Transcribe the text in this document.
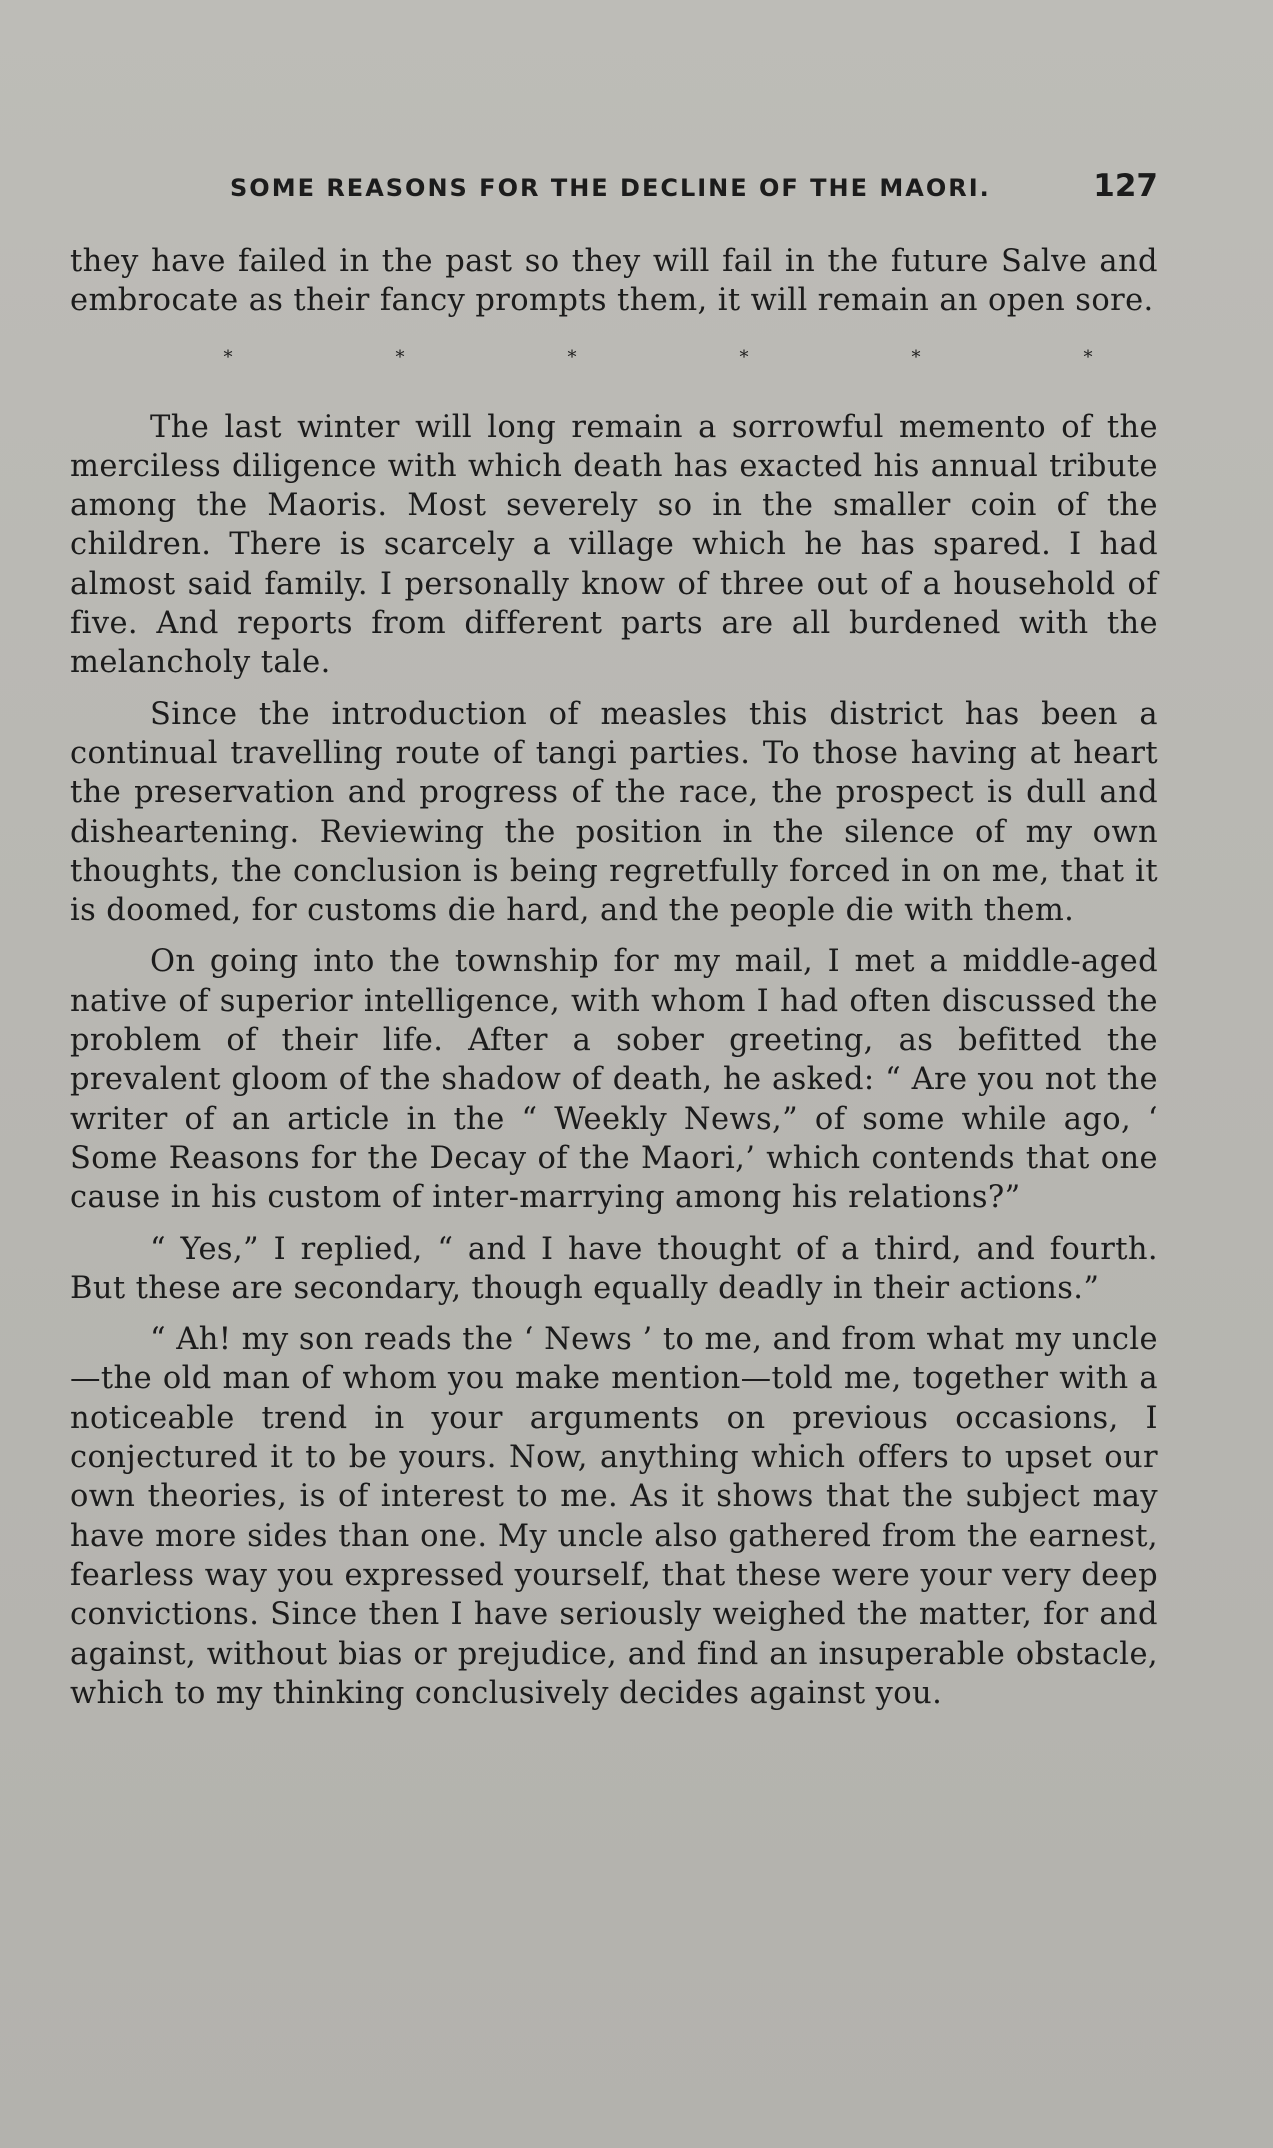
SOME REASONS FOR THE DECLINE OF THE MAORI.	127

they have failed in the past so they will fail in the future Salve and embrocate as their fancy prompts them, it will remain an open sore.

*	*	*	*	*	*

The last winter will long remain a sorrowful memento of the merciless diligence with which death has exacted his annual tribute among the Maoris. Most severely so in the smaller coin of the children. There is scarcely a village which he has spared. I had almost said family. I personally know of three out of a household of five. And reports from different parts are all burdened with the melancholy tale.

Since the introduction of measles this district has been a continual travelling route of tangi parties. To those having at heart the preservation and progress of the race, the prospect is dull and disheartening. Reviewing the position in the silence of my own thoughts, the conclusion is being regretfully forced in on me, that it is doomed, for customs die hard, and the people die with them.

On going into the township for my mail, I met a middle-aged native of superior intelligence, with whom I had often discussed the problem of their life. After a sober greeting, as befitted the prevalent gloom of the shadow of death, he asked: “ Are you not the writer of an article in the “ Weekly News,” of some while ago, ‘ Some Reasons for the Decay of the Maori,’ which contends that one cause in his custom of inter-marrying among his relations?”

“ Yes,” I replied, “ and I have thought of a third, and fourth. But these are secondary, though equally deadly in their actions.”

“ Ah! my son reads the ‘ News ’ to me, and from what my uncle—the old man of whom you make mention—told me, together with a noticeable trend in your arguments on previous occasions, I conjectured it to be yours. Now, anything which offers to upset our own theories, is of interest to me. As it shows that the subject may have more sides than one. My uncle also gathered from the earnest, fearless way you expressed yourself, that these were your very deep convictions. Since then I have seriously weighed the matter, for and against, without bias or prejudice, and find an insuperable obstacle, which to my thinking conclusively decides against you.
